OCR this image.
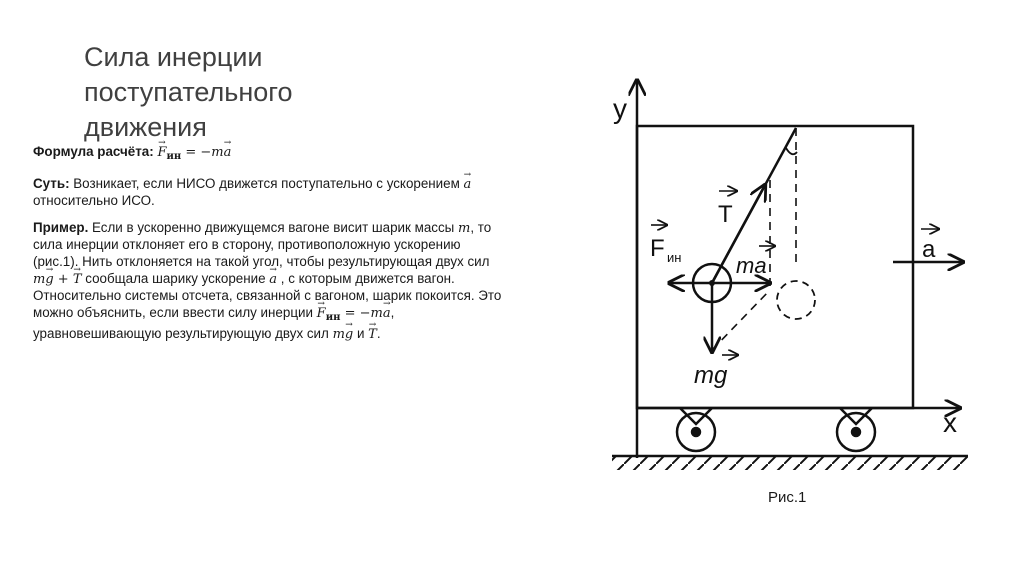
Сила инерции
поступательного
движения

Формула расчёта: → $F_{ин} = -m\to a$

Суть: Возникает, если НИСО движется поступательно с ускорением → a относительно ИСО.

Пример. Если в ускоренно движущемся вагоне висит шарик массы m, то сила инерции отклоняет его в сторону, противоположную ускорению (рис.1). Нить отклоняется на такой угол, чтобы результирующая двух сил m→ g + → T сообщала шарику ускорение → a , с которым движется вагон. Относительно системы отсчета, связанной с вагоном, шарик покоится. Это можно объяснить, если ввести силу инерции → $F_{ин} = -m\to a$, уравновешивающую результирующую двух сил m→ g и → T.

y
x
T
F ин ma
mg
a
Рис.1
